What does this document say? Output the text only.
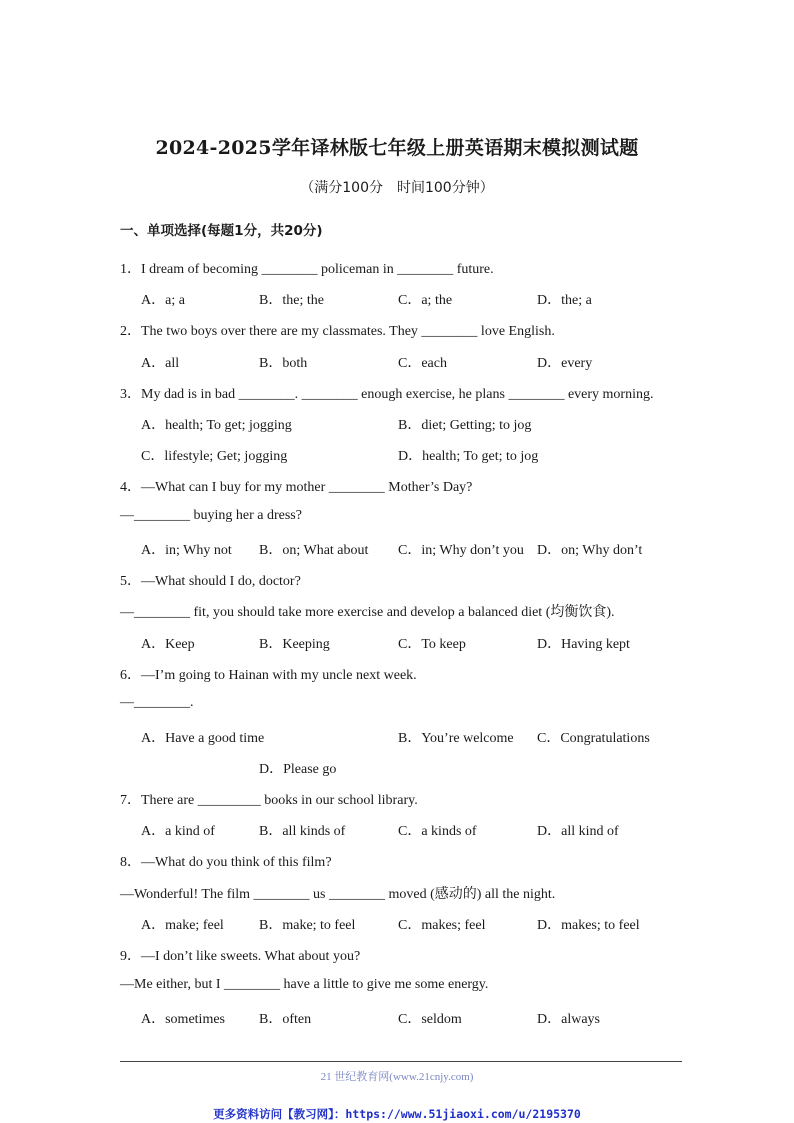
2024-2025学年译林版七年级上册英语期末模拟测试题
（满分100分　时间100分钟）
一、单项选择(每题1分，共20分)
1．I dream of becoming ________ policeman in ________ future.
A．a; a	B．the; the	C．a; the	D．the; a
2．The two boys over there are my classmates. They ________ love English.
A．all	B．both	C．each	D．every
3．My dad is in bad ________. ________ enough exercise, he plans ________ every morning.
A．health; To get; jogging	B．diet; Getting; to jog
C．lifestyle; Get; jogging	D．health; To get; to jog
4．—What can I buy for my mother ________ Mother’s Day?
—________ buying her a dress?
A．in; Why not B．on; What about C．in; Why don’t you D．on; Why don’t
5．—What should I do, doctor?
—________ fit, you should take more exercise and develop a balanced diet (均衡饮食).
A．Keep	B．Keeping	C．To keep	D．Having kept
6．—I’m going to Hainan with my uncle next week.
—________.
A．Have a good time	B．You’re welcome C．Congratulations
D．Please go
7．There are _________ books in our school library.
A．a kind of	B．all kinds of	C．a kinds of	D．all kind of
8．—What do you think of this film?
—Wonderful! The film ________ us ________ moved (感动的) all the night.
A．make; feel	B．make; to feel	C．makes; feel	D．makes; to feel
9．—I don’t like sweets. What about you?
—Me either, but I ________ have a little to give me some energy.
A．sometimes B．often	C．seldom	D．always
21 世纪教育网(www.21cnjy.com)
更多资料访问【教习网】：https://www.51jiaoxi.com/u/2195370
